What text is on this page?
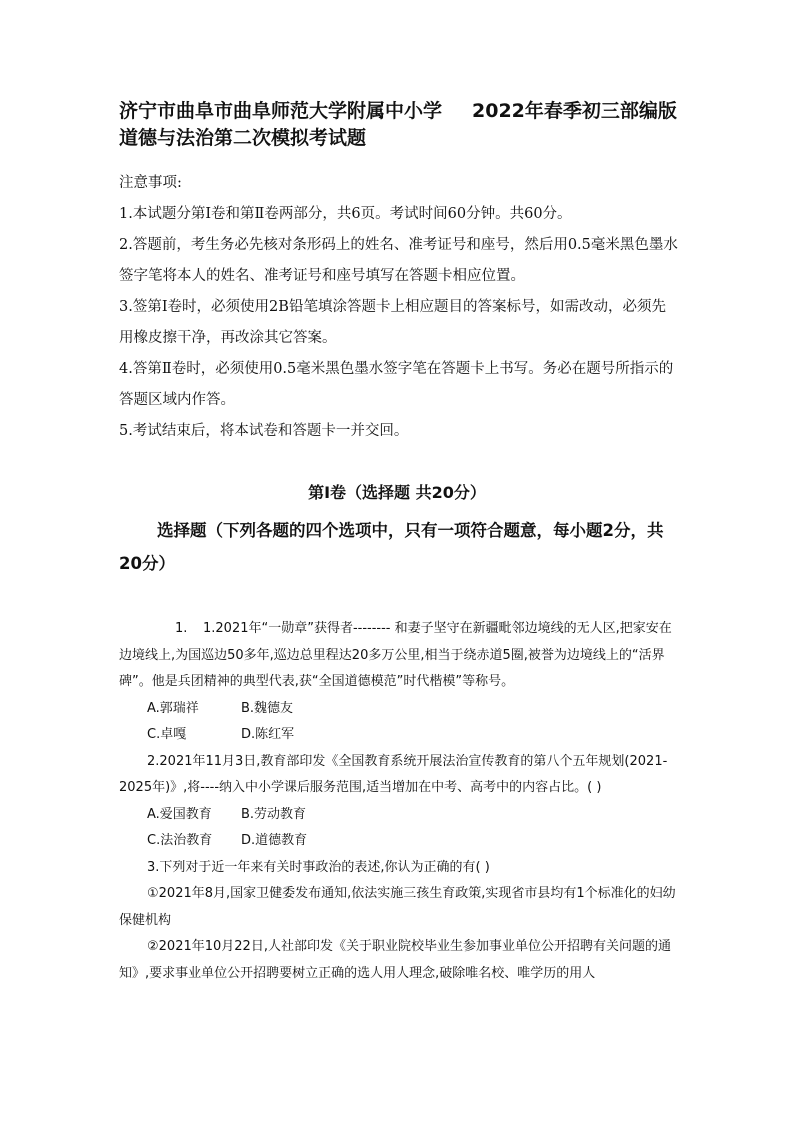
济宁市曲阜市曲阜师范大学附属中小学 2022年春季初三部编版道德与法治第二次模拟考试题

注意事项:

1.本试题分第Ⅰ卷和第Ⅱ卷两部分，共6页。考试时间60分钟。共60分。

2.答题前，考生务必先核对条形码上的姓名、准考证号和座号，然后用0.5毫米黑色墨水签字笔将本人的姓名、准考证号和座号填写在答题卡相应位置。

3.签第Ⅰ卷时，必须使用2B铅笔填涂答题卡上相应题目的答案标号，如需改动，必须先用橡皮擦干净，再改涂其它答案。

4.答第Ⅱ卷时，必须使用0.5毫米黑色墨水签字笔在答题卡上书写。务必在题号所指示的答题区域内作答。

5.考试结束后，将本试卷和答题卡一并交回。

第Ⅰ卷（选择题 共20分）
选择题（下列各题的四个选项中，只有一项符合题意，每小题2分，共20分）

1. 1.2021年“一勋章”获得者-------- 和妻子坚守在新疆毗邻边境线的无人区,把家安在边境线上,为国巡边50多年,巡边总里程达20多万公里,相当于绕赤道5圈,被誉为边境线上的“活界碑”。他是兵团精神的典型代表,获“全国道德模范”时代楷模”等称号。

A.郭瑞祥	B.魏德友

C.卓嘎	D.陈红军

2.2021年11月3日,教育部印发《全国教育系统开展法治宣传教育的第八个五年规划(2021-2025年)》,将----纳入中小学课后服务范围,适当增加在中考、高考中的内容占比。( )

A.爱国教育 B.劳动教育

C.法治教育 D.道德教育

3.下列对于近一年来有关时事政治的表述,你认为正确的有( )

①2021年8月,国家卫健委发布通知,依法实施三孩生育政策,实现省市县均有1个标准化的妇幼保健机构

②2021年10月22日,人社部印发《关于职业院校毕业生参加事业单位公开招聘有关问题的通知》,要求事业单位公开招聘要树立正确的选人用人理念,破除唯名校、唯学历的用人
